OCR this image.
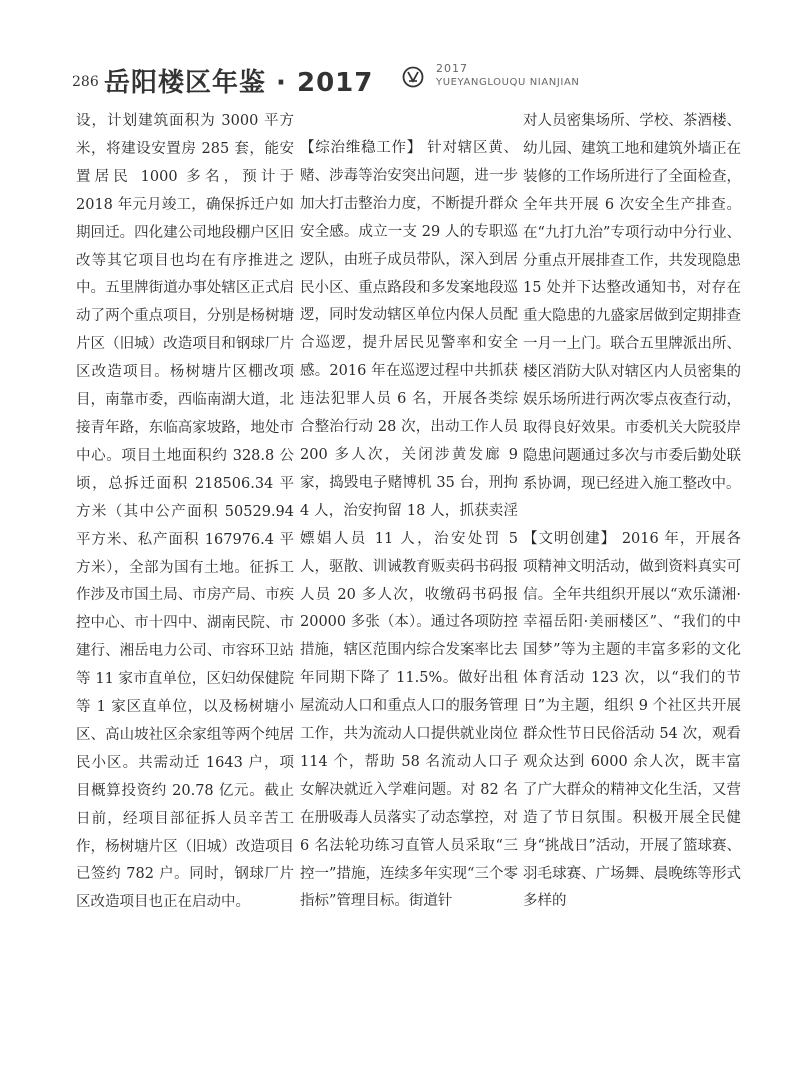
286 岳阳楼区年鉴 · 2017	2017
YUEYANGLOUQU NIANJIAN

设，计划建筑面积为 3000 平方米，将建设安置房 285 套，能安置居民 1000 多名，预计于 2018 年元月竣工，确保拆迁户如期回迁。四化建公司地段棚户区旧改等其它项目也均在有序推进之中。五里牌街道办事处辖区正式启动了两个重点项目，分别是杨树塘片区（旧城）改造项目和钢球厂片区改造项目。杨树塘片区棚改项目，南靠市委，西临南湖大道，北接青年路，东临高家坡路，地处市中心。项目土地面积约 328.8 公顷，总拆迁面积 218506.34 平方米（其中公产面积 50529.94 平方米、私产面积 167976.4 平方米），全部为国有土地。征拆工作涉及市国土局、市房产局、市疾控中心、市十四中、湖南民院、市建行、湘岳电力公司、市容环卫站等 11 家市直单位，区妇幼保健院等 1 家区直单位，以及杨树塘小区、高山坡社区余家组等两个纯居民小区。共需动迁 1643 户，项目概算投资约 20.78 亿元。截止日前，经项目部征拆人员辛苦工作，杨树塘片区（旧城）改造项目已签约 782 户。同时，钢球厂片区改造项目也正在启动中。

【综治维稳工作】 针对辖区黄、赌、涉毒等治安突出问题，进一步加大打击整治力度，不断提升群众安全感。成立一支 29 人的专职巡逻队，由班子成员带队，深入到居民小区、重点路段和多发案地段巡逻，同时发动辖区单位内保人员配合巡逻，提升居民见警率和安全感。2016 年在巡逻过程中共抓获违法犯罪人员 6 名，开展各类综合整治行动 28 次，出动工作人员 200 多人次，关闭涉黄发廊 9 家，捣毁电子赌博机 35 台，刑拘 4 人，治安拘留 18 人，抓获卖淫嫖娼人员 11 人，治安处罚 5 人，驱散、训诫教育贩卖码书码报人员 20 多人次，收缴码书码报 20000 多张（本）。通过各项防控措施，辖区范围内综合发案率比去年同期下降了 11.5%。做好出租屋流动人口和重点人口的服务管理工作，共为流动人口提供就业岗位 114 个，帮助 58 名流动人口子女解决就近入学难问题。对 82 名在册吸毒人员落实了动态掌控，对 6 名法轮功练习直管人员采取“三控一”措施，连续多年实现“三个零指标”管理目标。街道针

对人员密集场所、学校、茶酒楼、幼儿园、建筑工地和建筑外墙正在装修的工作场所进行了全面检查，全年共开展 6 次安全生产排查。在“九打九治”专项行动中分行业、分重点开展排查工作，共发现隐患 15 处并下达整改通知书，对存在重大隐患的九盛家居做到定期排查一月一上门。联合五里牌派出所、楼区消防大队对辖区内人员密集的娱乐场所进行两次零点夜查行动，取得良好效果。市委机关大院驳岸隐患问题通过多次与市委后勤处联系协调，现已经进入施工整改中。

【文明创建】 2016 年，开展各项精神文明活动，做到资料真实可信。全年共组织开展以“欢乐潇湘·幸福岳阳·美丽楼区”、“我们的中国梦”等为主题的丰富多彩的文化体育活动 123 次，以“我们的节日”为主题，组织 9 个社区共开展群众性节日民俗活动 54 次，观看观众达到 6000 余人次，既丰富了广大群众的精神文化生活，又营造了节日氛围。积极开展全民健身“挑战日”活动，开展了篮球赛、羽毛球赛、广场舞、晨晚练等形式多样的
